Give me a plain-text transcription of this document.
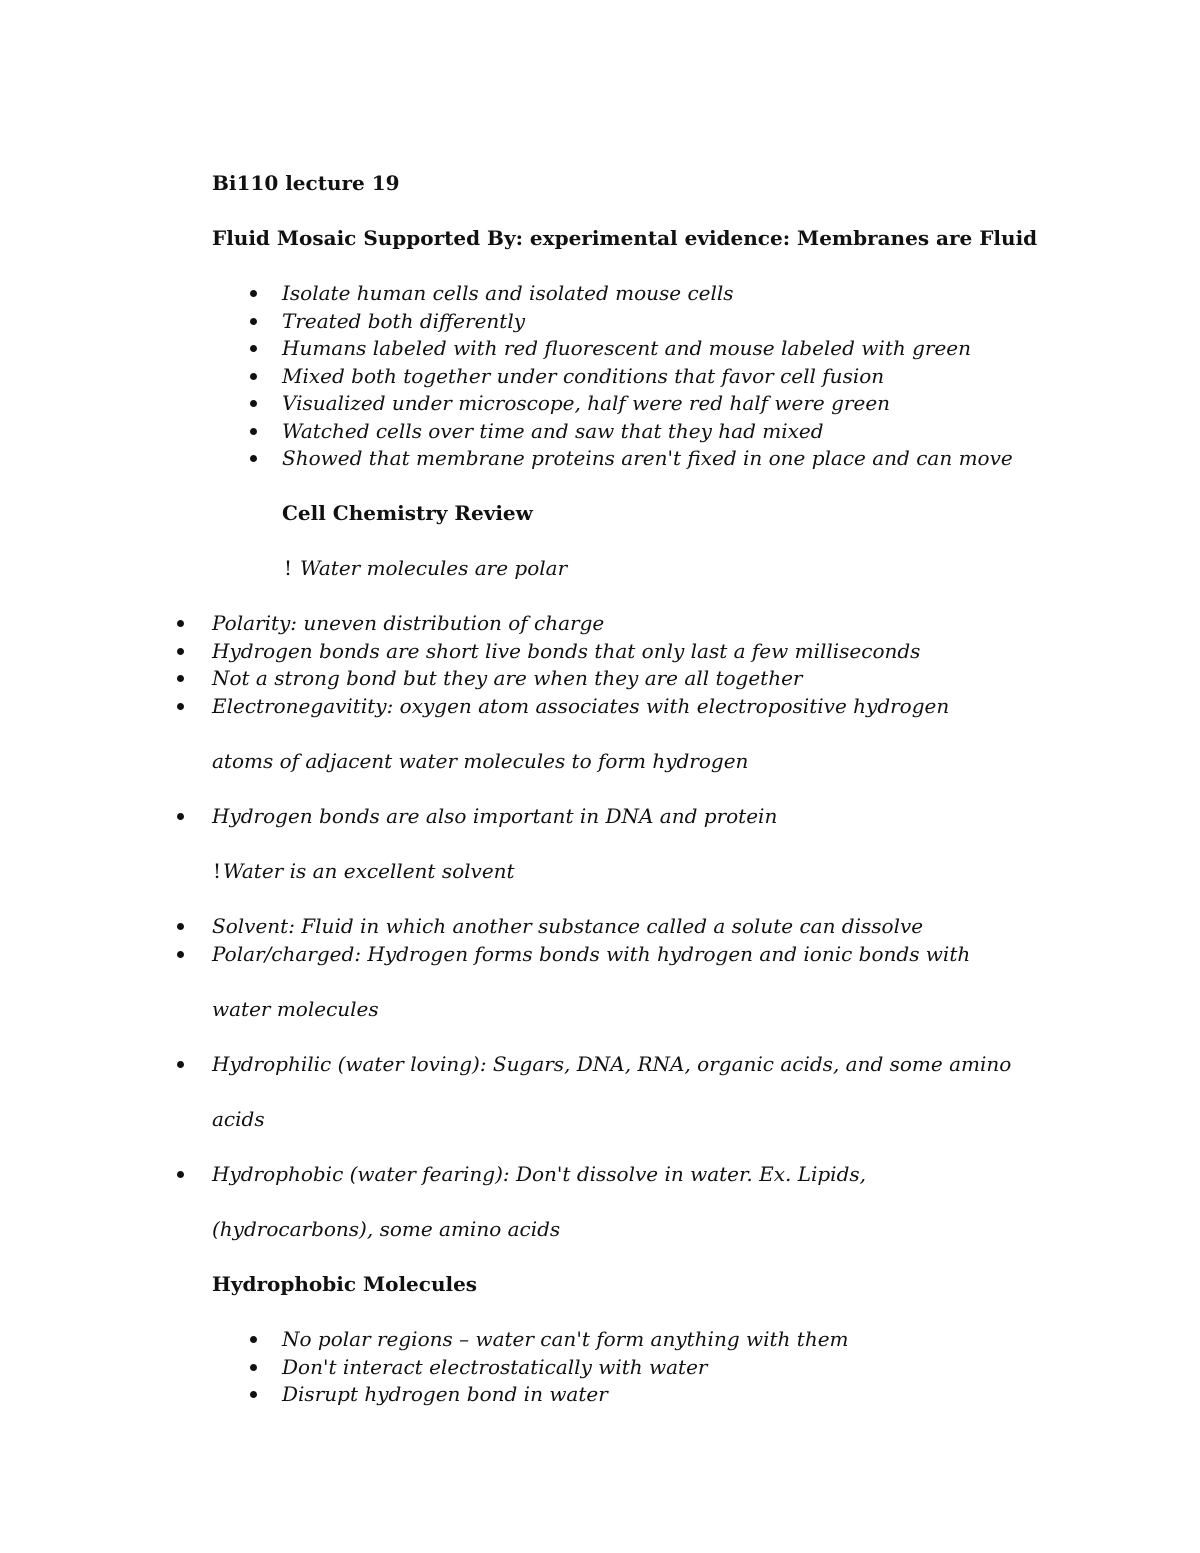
Bi110 lecture 19
Fluid Mosaic Supported By: experimental evidence: Membranes are Fluid
Isolate human cells and isolated mouse cells
Treated both differently
Humans labeled with red fluorescent and mouse labeled with green
Mixed both together under conditions that favor cell fusion
Visualized under microscope, half were red half were green
Watched cells over time and saw that they had mixed
Showed that membrane proteins aren't fixed in one place and can move
Cell Chemistry Review
! Water molecules are polar
Polarity: uneven distribution of charge
Hydrogen bonds are short live bonds that only last a few milliseconds
Not a strong bond but they are when they are all together
Electronegavitity: oxygen atom associates with electropositive hydrogen
atoms of adjacent water molecules to form hydrogen
Hydrogen bonds are also important in DNA and protein
! Water is an excellent solvent
Solvent: Fluid in which another substance called a solute can dissolve
Polar/charged: Hydrogen forms bonds with hydrogen and ionic bonds with
water molecules
Hydrophilic (water loving): Sugars, DNA, RNA, organic acids, and some amino
acids
Hydrophobic (water fearing): Don't dissolve in water. Ex. Lipids,
(hydrocarbons), some amino acids
Hydrophobic Molecules
No polar regions – water can't form anything with them
Don't interact electrostatically with water
Disrupt hydrogen bond in water
